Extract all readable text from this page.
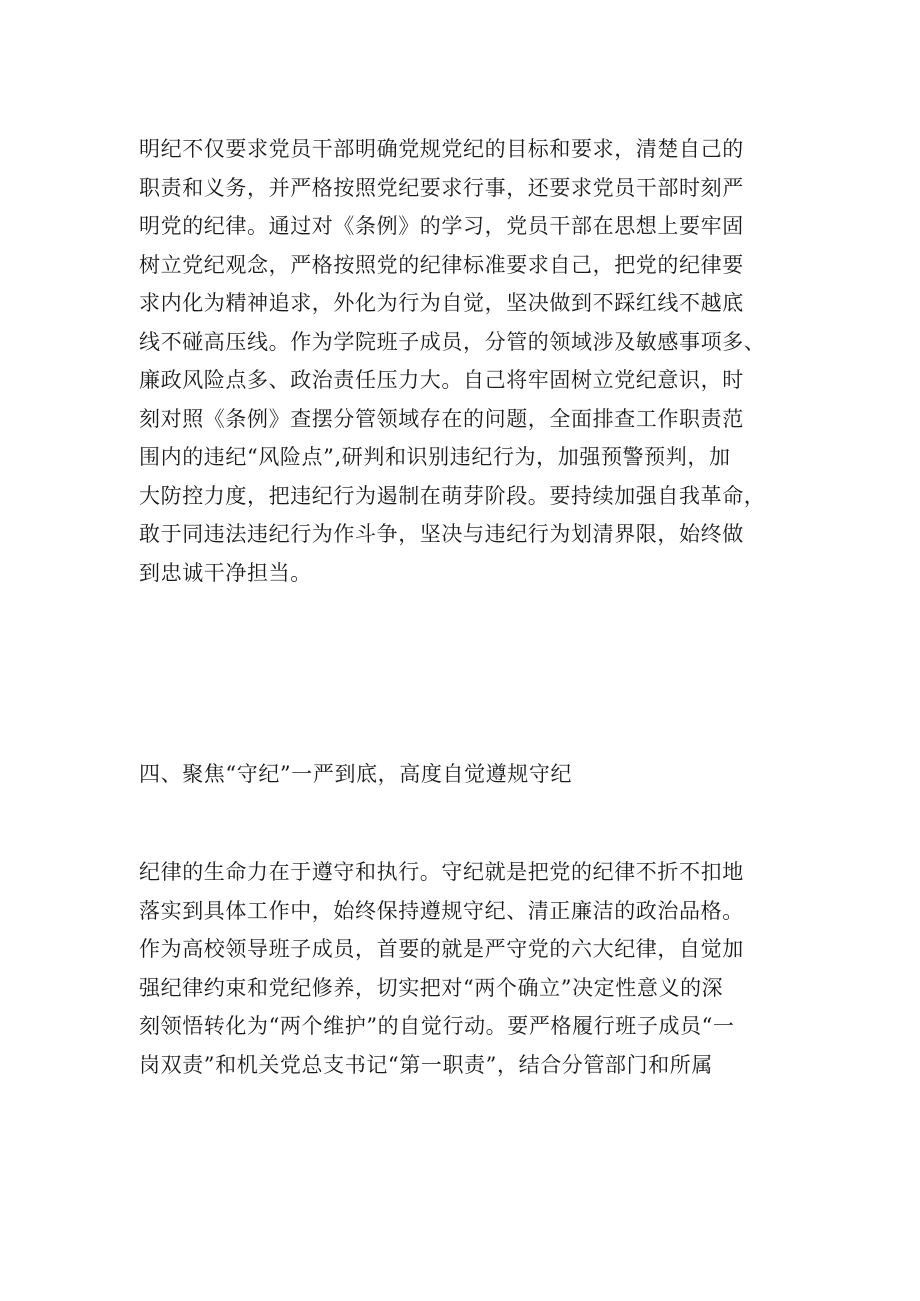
明纪不仅要求党员干部明确党规党纪的目标和要求，清楚自己的
职责和义务，并严格按照党纪要求行事，还要求党员干部时刻严
明党的纪律。通过对《条例》的学习，党员干部在思想上要牢固
树立党纪观念，严格按照党的纪律标准要求自己，把党的纪律要
求内化为精神追求，外化为行为自觉，坚决做到不踩红线不越底
线不碰高压线。作为学院班子成员，分管的领域涉及敏感事项多、
廉政风险点多、政治责任压力大。自己将牢固树立党纪意识，时
刻对照《条例》查摆分管领域存在的问题，全面排查工作职责范
围内的违纪“风险点”,研判和识别违纪行为，加强预警预判，加
大防控力度，把违纪行为遏制在萌芽阶段。要持续加强自我革命，
敢于同违法违纪行为作斗争，坚决与违纪行为划清界限，始终做
到忠诚干净担当。
四、聚焦“守纪”一严到底，高度自觉遵规守纪
纪律的生命力在于遵守和执行。守纪就是把党的纪律不折不扣地
落实到具体工作中，始终保持遵规守纪、清正廉洁的政治品格。
作为高校领导班子成员，首要的就是严守党的六大纪律，自觉加
强纪律约束和党纪修养，切实把对“两个确立”决定性意义的深
刻领悟转化为“两个维护”的自觉行动。要严格履行班子成员“一
岗双责”和机关党总支书记“第一职责”，结合分管部门和所属
